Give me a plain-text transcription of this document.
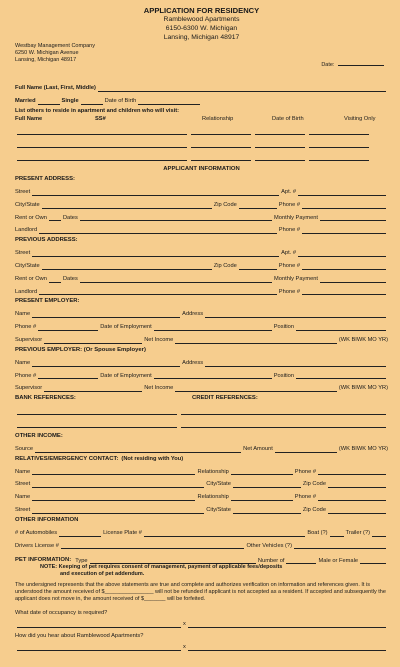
APPLICATION FOR RESIDENCY
Ramblewood Apartments
6150-6300 W. Michigan
Lansing, Michigan 48917
Westbay Management Company
6250 W. Michigan Avenue
Lansing, Michigan 48917
Date:
Full Name (Last, First, Middle)
Married	Single	Date of Birth
List others to reside in apartment and children who will visit:
Full Name	SS#	Relationship	Date of Birth	Visiting Only
APPLICANT INFORMATION
PRESENT ADDRESS:
Street	Apt. #
City/State	Zip Code	Phone #
Rent or Own	Dates	Monthly Payment
Landlord	Phone #
PREVIOUS ADDRESS:
Street	Apt. #
City/State	Zip Code	Phone #
Rent or Own	Dates	Monthly Payment
Landlord	Phone #
PRESENT EMPLOYER:
Name	Address
Phone #	Date of Employment	Position
Supervisor	Net Income	(WK BIWK MO YR)
PREVIOUS EMPLOYER: (Or Spouse Employer)
Name	Address
Phone #	Date of Employment	Position
Supervisor	Net Income	(WK BIWK MO YR)
BANK REFERENCES:	CREDIT REFERENCES:
OTHER INCOME:
Source	Net Amount	(WK BIWK MO YR)
RELATIVES/EMERGENCY CONTACT: (Not residing with You)
Name	Relationship	Phone #
Street	City/State	Zip Code
Name	Relationship	Phone #
Street	City/State	Zip Code
OTHER INFORMATION
# of Automobiles	License Plate #	Boat (?)	Trailer (?)
Drivers License #	Other Vehicles (?)
PET INFORMATION: Type	Number of	Male or Female
NOTE: Keeping of pet requires consent of management, payment of applicable fees/deposits
and execution of pet addendum.
The undersigned represents that the above statements are true and complete and authorizes verification on information and references given. It is understood the amount received of $________________ will not be refunded if applicant is not accepted as a resident. If accepted and subsequently the applicant does not move in, the amount received of $_______ will be forfeited.
What date of occupancy is required?
x
How did you hear about Ramblewood Apartments?
x
